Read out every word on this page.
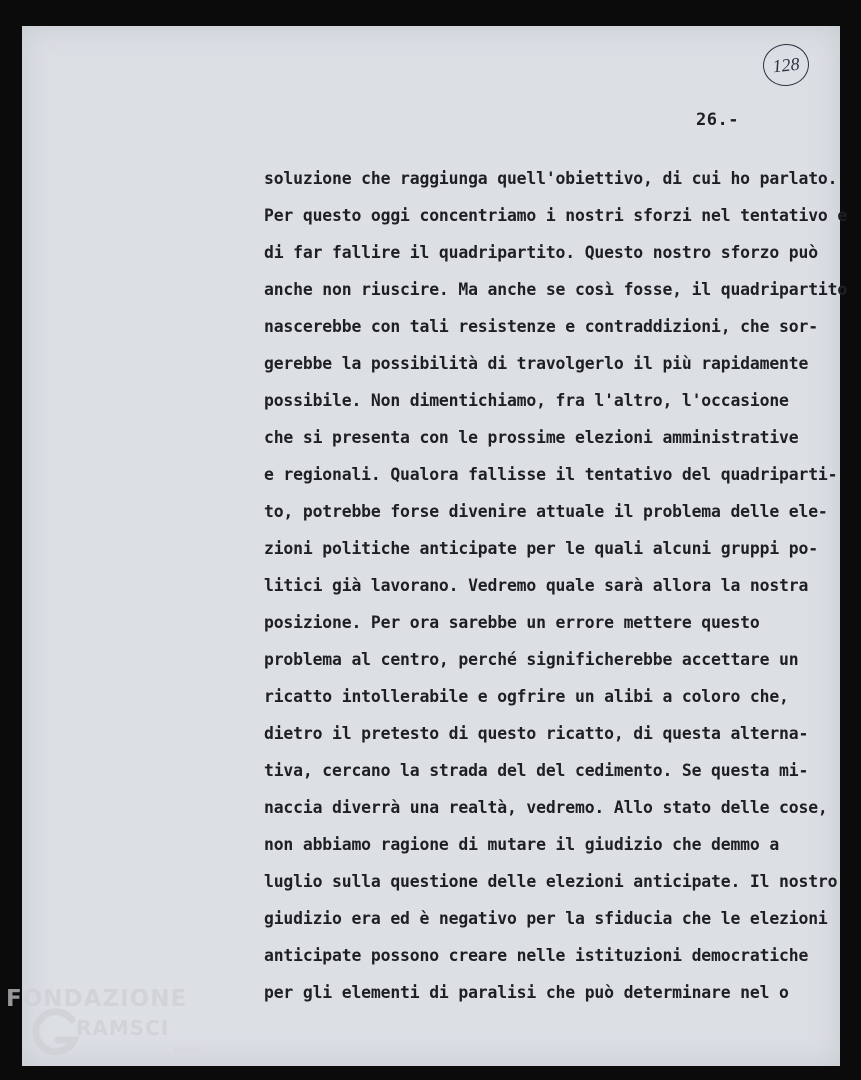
128
26.-
soluzione che raggiunga quell'obiettivo, di cui ho parlato.
Per questo oggi concentriamo i nostri sforzi nel tentativo e
di far fallire il quadripartito. Questo nostro sforzo può
anche non riuscire. Ma anche se così fosse, il quadripartito
nascerebbe con tali resistenze e contraddizioni, che sor-
gerebbe la possibilità di travolgerlo il più rapidamente
possibile. Non dimentichiamo, fra l'altro, l'occasione
che si presenta con le prossime elezioni amministrative
e regionali. Qualora fallisse il tentativo del quadriparti-
to, potrebbe forse divenire attuale il problema delle ele-
zioni politiche anticipate per le quali alcuni gruppi po-
litici già lavorano. Vedremo quale sarà allora la nostra
posizione. Per ora sarebbe un errore mettere questo
problema al centro, perché significherebbe accettare un
ricatto intollerabile e ogfrire un alibi a coloro che,
dietro il pretesto di questo ricatto, di questa alterna-
tiva, cercano la strada del del cedimento. Se questa mi-
naccia diverrà una realtà, vedremo. Allo stato delle cose,
non abbiamo ragione di mutare il giudizio che demmo a
luglio sulla questione delle elezioni anticipate. Il nostro
giudizio era ed è negativo per la sfiducia che le elezioni
anticipate possono creare nelle istituzioni democratiche
per gli elementi di paralisi che può determinare nel o
FONDAZIONE
RAMSCI
onlus
